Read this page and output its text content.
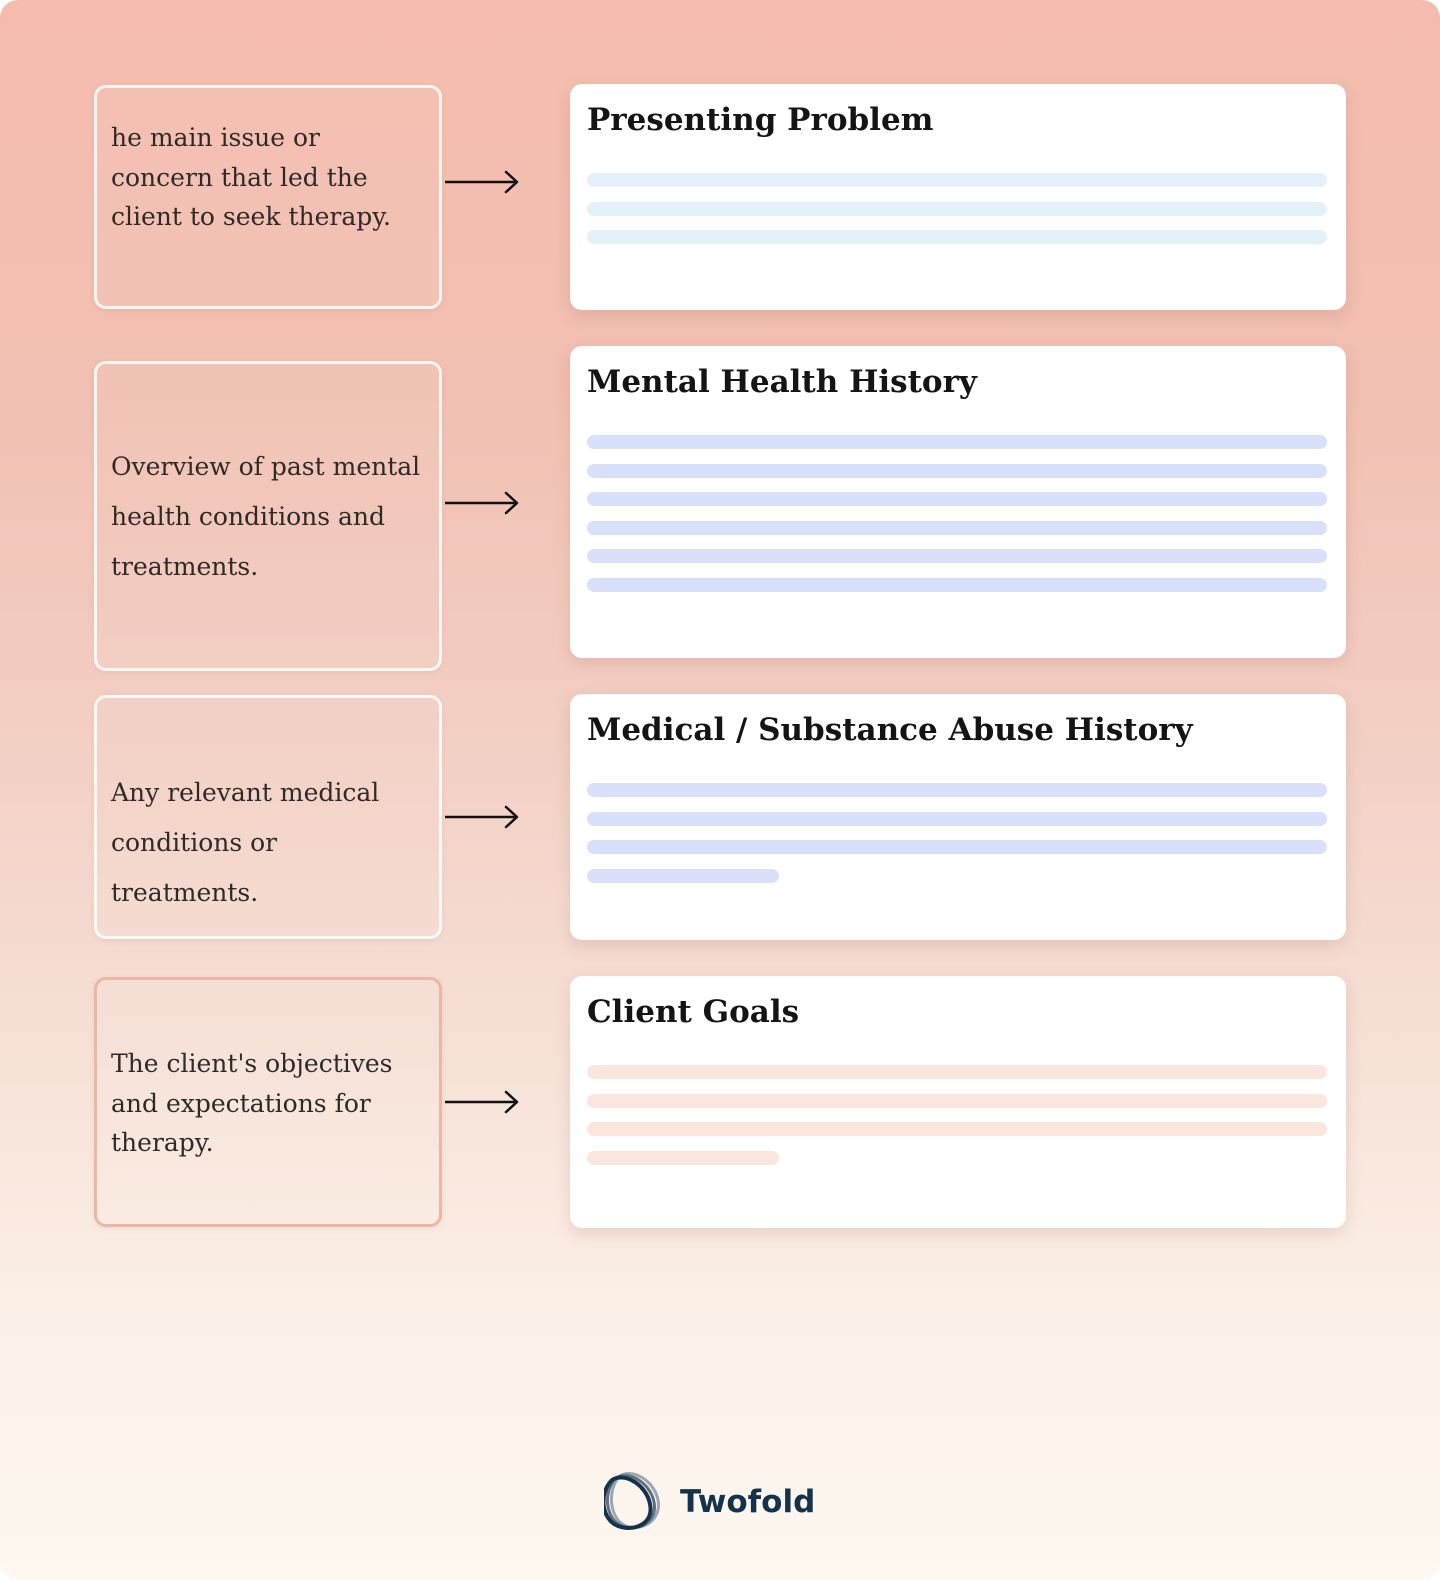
he main issue or concern that led the client to seek therapy.
Presenting Problem
Overview of past mental health conditions and treatments.
Mental Health History
Any relevant medical conditions or treatments.
Medical / Substance Abuse History
The client's objectives and expectations for therapy.
Client Goals
Twofold
